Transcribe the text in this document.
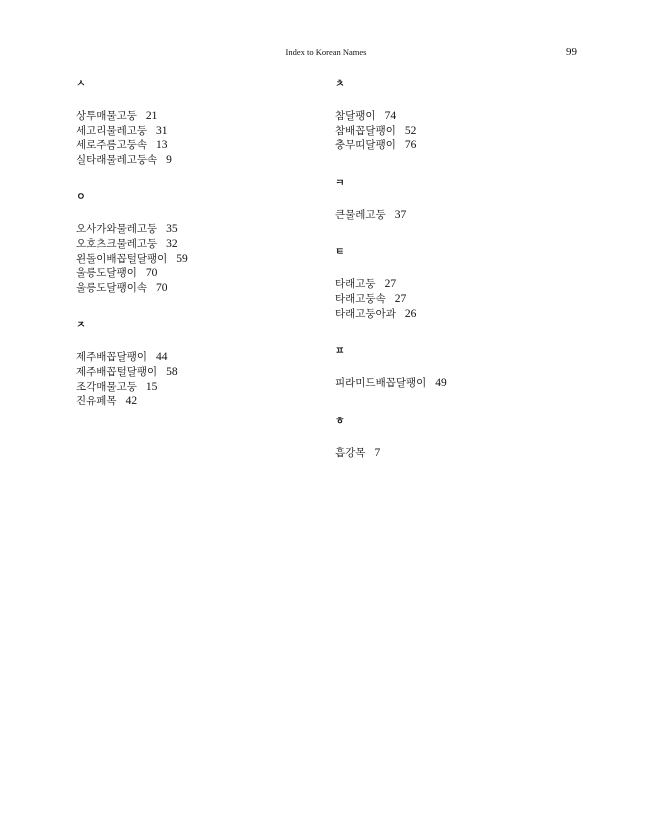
Index to Korean Names	99
ㅅ
상투매물고둥 21
세고리물레고둥 31
세로주름고둥속 13
실타래물레고둥속 9
ㅇ
오사가와물레고둥 35
오호츠크물레고둥 32
왼돌이배꼽털달팽이 59
울릉도달팽이 70
울릉도달팽이속 70
ㅈ
제주배꼽달팽이 44
제주배꼽털달팽이 58
조각매물고둥 15
진유페목 42
ㅊ
참달팽이 74
참배꼽달팽이 52
충무띠달팽이 76
ㅋ
큰물레고둥 37
ㅌ
타래고둥 27
타래고둥속 27
타래고둥아과 26
ㅍ
피라미드배꼽달팽이 49
ㅎ
흡강목 7
